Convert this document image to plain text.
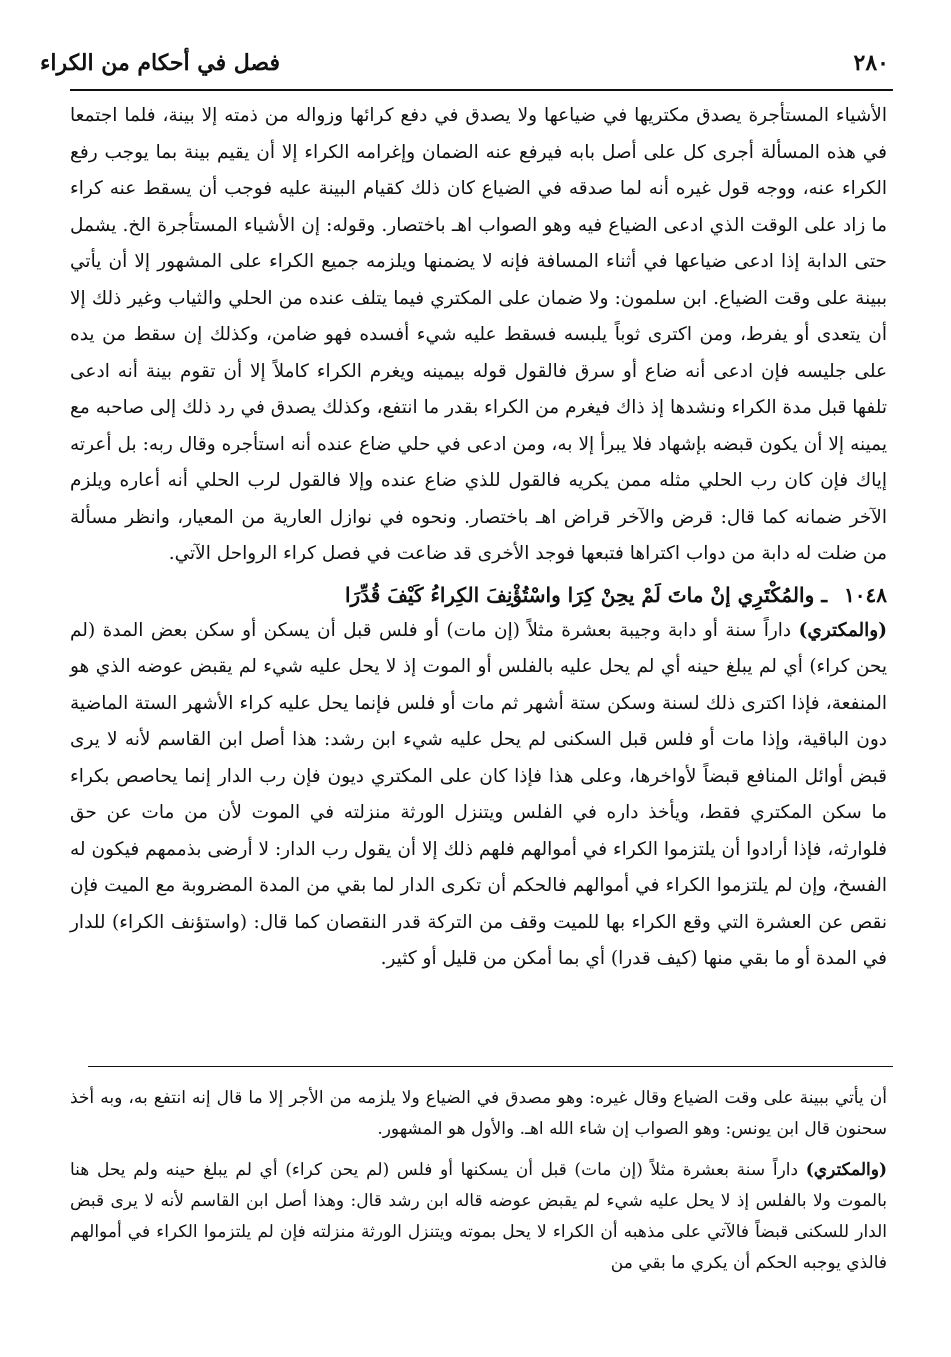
٢٨٠
فصل في أحكام من الكراء

الأشياء المستأجرة يصدق مكتريها في ضياعها ولا يصدق في دفع كرائها وزواله من ذمته إلا بينة، فلما اجتمعا في هذه المسألة أجرى كل على أصل بابه فيرفع عنه الضمان وإغرامه الكراء إلا أن يقيم بينة بما يوجب رفع الكراء عنه، ووجه قول غيره أنه لما صدقه في الضياع كان ذلك كقيام البينة عليه فوجب أن يسقط عنه كراء ما زاد على الوقت الذي ادعى الضياع فيه وهو الصواب اهـ باختصار. وقوله: إن الأشياء المستأجرة الخ. يشمل حتى الدابة إذا ادعى ضياعها في أثناء المسافة فإنه لا يضمنها ويلزمه جميع الكراء على المشهور إلا أن يأتي ببينة على وقت الضياع. ابن سلمون: ولا ضمان على المكتري فيما يتلف عنده من الحلي والثياب وغير ذلك إلا أن يتعدى أو يفرط، ومن اكترى ثوباً يلبسه فسقط عليه شيء أفسده فهو ضامن، وكذلك إن سقط من يده على جليسه فإن ادعى أنه ضاع أو سرق فالقول قوله بيمينه ويغرم الكراء كاملاً إلا أن تقوم بينة أنه ادعى تلفها قبل مدة الكراء ونشدها إذ ذاك فيغرم من الكراء بقدر ما انتفع، وكذلك يصدق في رد ذلك إلى صاحبه مع يمينه إلا أن يكون قبضه بإشهاد فلا يبرأ إلا به، ومن ادعى في حلي ضاع عنده أنه استأجره وقال ربه: بل أعرته إياك فإن كان رب الحلي مثله ممن يكريه فالقول للذي ضاع عنده وإلا فالقول لرب الحلي أنه أعاره ويلزم الآخر ضمانه كما قال: قرض والآخر قراض اهـ باختصار. ونحوه في نوازل العارية من المعيار، وانظر مسألة من ضلت له دابة من دواب اكتراها فتبعها فوجد الأخرى قد ضاعت في فصل كراء الرواحل الآتي.

١٠٤٨ ـ والمُكْتَرِي إنْ ماتَ لَمْ يحِنْ كِرَا واسْتُؤْنِفَ الكِراءُ كَيْفَ قُدِّرَا

(والمكتري) داراً سنة أو دابة وجيبة بعشرة مثلاً (إن مات) أو فلس قبل أن يسكن أو سكن بعض المدة (لم يحن كراء) أي لم يبلغ حينه أي لم يحل عليه بالفلس أو الموت إذ لا يحل عليه شيء لم يقبض عوضه الذي هو المنفعة، فإذا اكترى ذلك لسنة وسكن ستة أشهر ثم مات أو فلس فإنما يحل عليه كراء الأشهر الستة الماضية دون الباقية، وإذا مات أو فلس قبل السكنى لم يحل عليه شيء ابن رشد: هذا أصل ابن القاسم لأنه لا يرى قبض أوائل المنافع قبضاً لأواخرها، وعلى هذا فإذا كان على المكتري ديون فإن رب الدار إنما يحاصص بكراء ما سكن المكتري فقط، ويأخذ داره في الفلس ويتنزل الورثة منزلته في الموت لأن من مات عن حق فلوارثه، فإذا أرادوا أن يلتزموا الكراء في أموالهم فلهم ذلك إلا أن يقول رب الدار: لا أرضى بذممهم فيكون له الفسخ، وإن لم يلتزموا الكراء في أموالهم فالحكم أن تكرى الدار لما بقي من المدة المضروبة مع الميت فإن نقص عن العشرة التي وقع الكراء بها للميت وقف من التركة قدر النقصان كما قال: (واستؤنف الكراء) للدار في المدة أو ما بقي منها (كيف قدرا) أي بما أمكن من قليل أو كثير.

أن يأتي ببينة على وقت الضياع وقال غيره: وهو مصدق في الضياع ولا يلزمه من الأجر إلا ما قال إنه انتفع به، وبه أخذ سحنون قال ابن يونس: وهو الصواب إن شاء الله اهـ. والأول هو المشهور.

(والمكتري) داراً سنة بعشرة مثلاً (إن مات) قبل أن يسكنها أو فلس (لم يحن كراء) أي لم يبلغ حينه ولم يحل هنا بالموت ولا بالفلس إذ لا يحل عليه شيء لم يقبض عوضه قاله ابن رشد قال: وهذا أصل ابن القاسم لأنه لا يرى قبض الدار للسكنى قبضاً فالآتي على مذهبه أن الكراء لا يحل بموته ويتنزل الورثة منزلته فإن لم يلتزموا الكراء في أموالهم فالذي يوجبه الحكم أن يكري ما بقي من
